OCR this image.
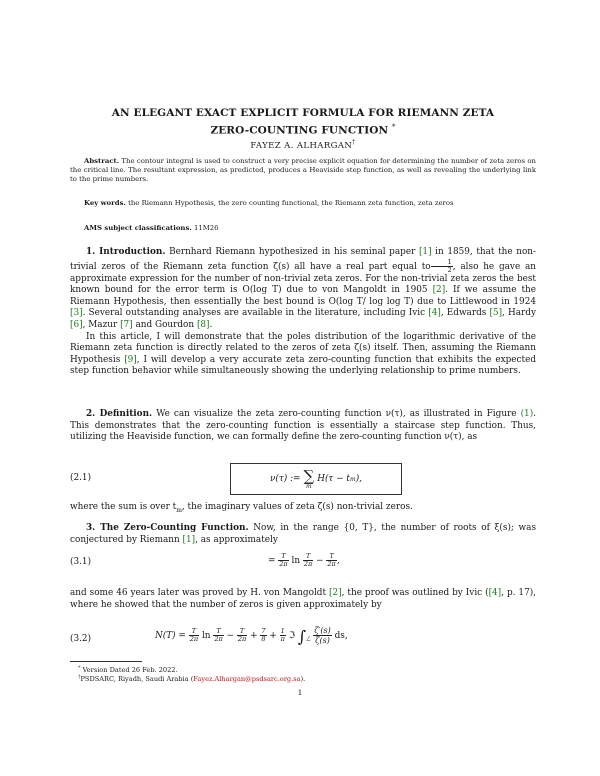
AN ELEGANT EXACT EXPLICIT FORMULA FOR RIEMANN ZETA
ZERO-COUNTING FUNCTION *
FAYEZ A. ALHARGAN†
Abstract. The contour integral is used to construct a very precise explicit equation for determining the number of zeta zeros on the critical line. The resultant expression, as predicted, produces a Heaviside step function, as well as revealing the underlying link to the prime numbers.
Key words. the Riemann Hypothesis, the zero counting functional, the Riemann zeta function, zeta zeros
AMS subject classifications. 11M26

1. Introduction. Bernhard Riemann hypothesized in his seminal paper [1] in 1859, that the non-trivial zeros of the Riemann zeta function ζ(s) all have a real part equal to $\frac{1}{2}$ , also he gave an approximate expression for the number of non-trivial zeta zeros. For the non-trivial zeta zeros the best known bound for the error term is O(log T) due to von Mangoldt in 1905 [2]. If we assume the Riemann Hypothesis, then essentially the best bound is O(log T/ log log T) due to Littlewood in 1924 [3]. Several outstanding analyses are available in the literature, including Ivic [4], Edwards [5], Hardy [6], Mazur [7] and Gourdon [8].

In this article, I will demonstrate that the poles distribution of the logarithmic derivative of the Riemann zeta function is directly related to the zeros of zeta ζ(s) itself. Then, assuming the Riemann Hypothesis [9], I will develop a very accurate zeta zero-counting function that exhibits the expected step function behavior while simultaneously showing the underlying relationship to prime numbers.

2. Definition. We can visualize the zeta zero-counting function ν(τ), as illustrated in Figure (1). This demonstrates that the zero-counting function is essentially a staircase step function. Thus, utilizing the Heaviside function, we can formally define the zero-counting function ν(τ), as

(2.1)	ν(τ) := ∑
m
H(τ − t m ),
where the sum is over $t_m$, the imaginary values of zeta ζ(s) non-trivial zeros.

3. The Zero-Counting Function. Now, in the range {0, T}, the number of roots of ξ(s); was conjectured by Riemann [1], as approximately

(3.1)	= $\frac{T}{2\pi}$ $\ln \frac{T}{2\pi} - \frac{T}{2\pi}$ ,
and some 46 years later was proved by H. von Mangoldt [2], the proof was outlined by Ivic ([4], p. 17), where he showed that the number of zeros is given approximately by
(3.2)	$N(T) = \frac{T}{2\pi}$ $\ln \frac{T}{2\pi} - \frac{T}{2\pi} + \frac{7}{8} + \frac{1}{\pi}$ ℑ $\int_ℒ \frac{\zeta'(s)}{\zeta(s)}$ ds,
* Version Dated 26 Feb. 2022.
†PSDSARC, Riyadh, Saudi Arabia (Fayez.Alhargan@psdsarc.org.sa).
1
